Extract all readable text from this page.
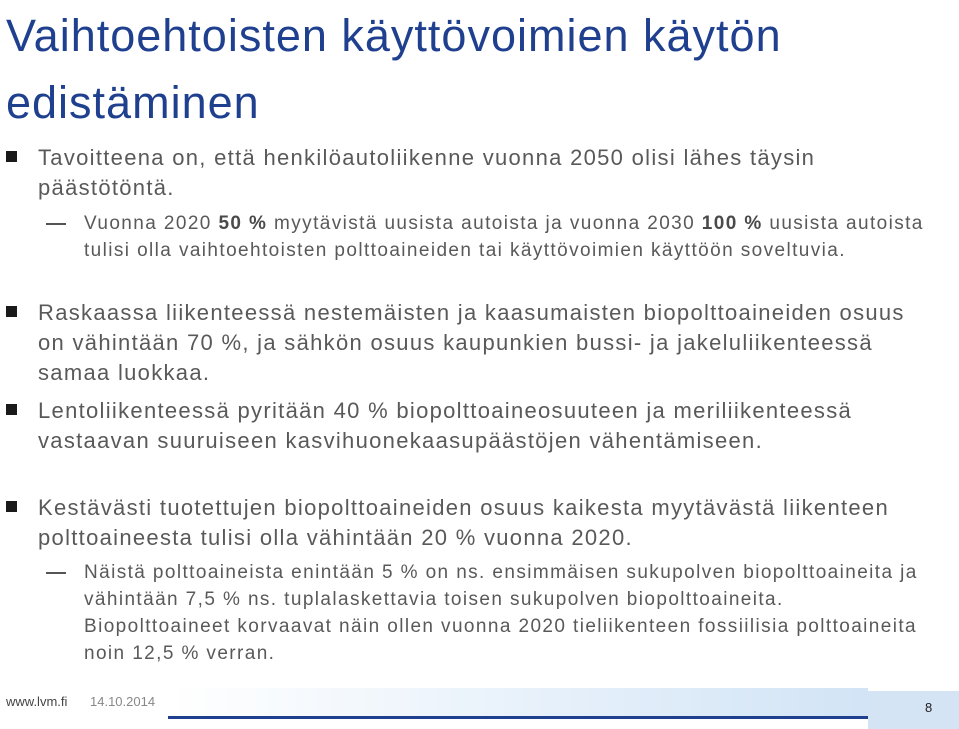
Vaihtoehtoisten käyttövoimien käytön edistäminen
Tavoitteena on, että henkilöautoliikenne vuonna 2050 olisi lähes täysin päästötöntä.
Vuonna 2020 50 % myytävistä uusista autoista ja vuonna 2030 100 % uusista autoista tulisi olla vaihtoehtoisten polttoaineiden tai käyttövoimien käyttöön soveltuvia.
Raskaassa liikenteessä nestemäisten ja kaasumaisten biopolttoaineiden osuus on vähintään 70 %, ja sähkön osuus kaupunkien bussi- ja jakeluliikenteessä samaa luokkaa.
Lentoliikenteessä pyritään 40 % biopolttoaineosuuteen ja meriliikenteessä vastaavan suuruiseen kasvihuonekaasupäästöjen vähentämiseen.
Kestävästi tuotettujen biopolttoaineiden osuus kaikesta myytävästä liikenteen polttoaineesta tulisi olla vähintään 20 % vuonna 2020.
Näistä polttoaineista enintään 5 % on ns. ensimmäisen sukupolven biopolttoaineita ja vähintään 7,5 % ns. tuplalaskettavia toisen sukupolven biopolttoaineita. Biopolttoaineet korvaavat näin ollen vuonna 2020 tieliikenteen fossiilisia polttoaineita noin 12,5 % verran.
www.lvm.fi 14.10.2014	8
